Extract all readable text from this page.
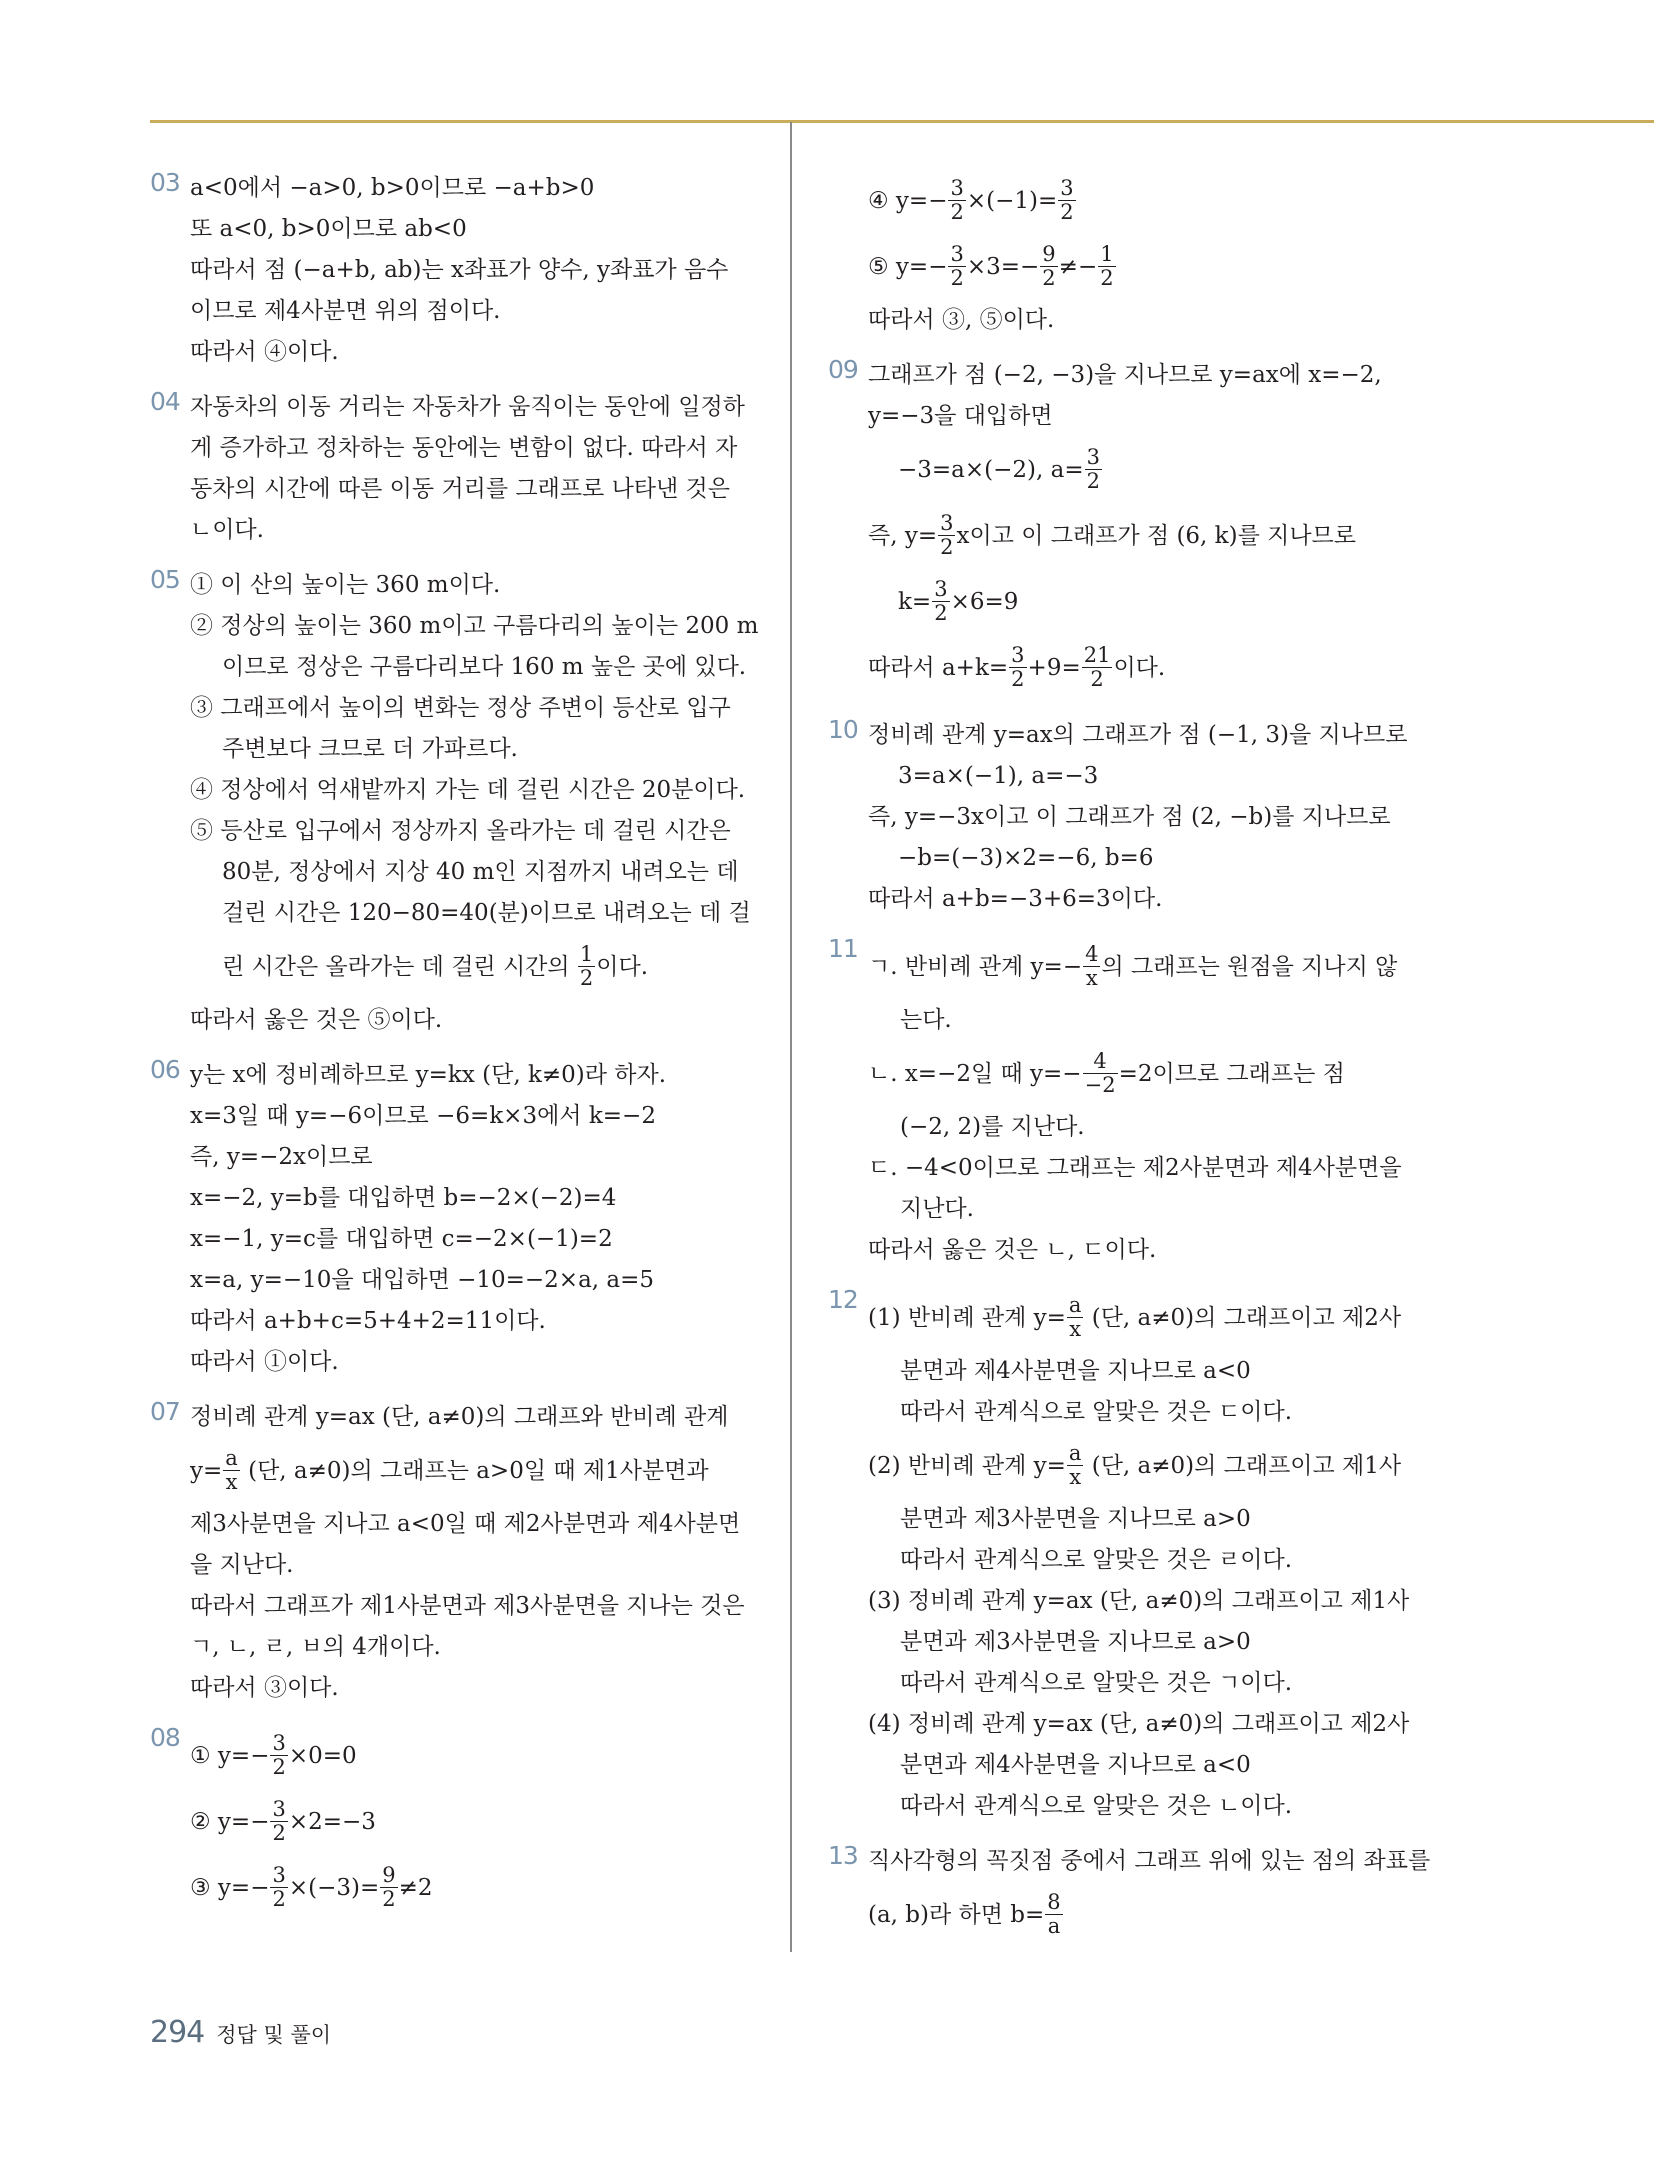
03 a<0에서 −a>0, b>0이므로 −a+b>0
또 a<0, b>0이므로 ab<0
따라서 점 (−a+b, ab)는 x좌표가 양수, y좌표가 음수
이므로 제4사분면 위의 점이다.
따라서 ④이다.
04 자동차의 이동 거리는 자동차가 움직이는 동안에 일정하
게 증가하고 정차하는 동안에는 변함이 없다. 따라서 자
동차의 시간에 따른 이동 거리를 그래프로 나타낸 것은
ㄴ이다.
05 ① 이 산의 높이는 360 m이다.
② 정상의 높이는 360 m이고 구름다리의 높이는 200 m
이므로 정상은 구름다리보다 160 m 높은 곳에 있다.
③ 그래프에서 높이의 변화는 정상 주변이 등산로 입구
주변보다 크므로 더 가파르다.
④ 정상에서 억새밭까지 가는 데 걸린 시간은 20분이다.
⑤ 등산로 입구에서 정상까지 올라가는 데 걸린 시간은
80분, 정상에서 지상 40 m인 지점까지 내려오는 데
걸린 시간은 120−80=40(분)이므로 내려오는 데 걸
린 시간은 올라가는 데 걸린 시간의 $\frac{1}{2}$ 이다.
따라서 옳은 것은 ⑤이다.
06 y는 x에 정비례하므로 y=kx (단, k≠0)라 하자.
x=3일 때 y=−6이므로 −6=k×3에서 k=−2
즉, y=−2x이므로
x=−2, y=b를 대입하면 b=−2×(−2)=4
x=−1, y=c를 대입하면 c=−2×(−1)=2
x=a, y=−10을 대입하면 −10=−2×a, a=5
따라서 a+b+c=5+4+2=11이다.
따라서 ①이다.
07 정비례 관계 y=ax (단, a≠0)의 그래프와 반비례 관계
$y= \frac{a}{x}$ (단, a≠0)의 그래프는 a>0일 때 제1사분면과
제3사분면을 지나고 a<0일 때 제2사분면과 제4사분면
을 지난다.
따라서 그래프가 제1사분면과 제3사분면을 지나는 것은
ㄱ, ㄴ, ㄹ, ㅂ의 4개이다.
따라서 ③이다.
08
① $y=- \frac{3}{2} \times 0=0$
② $y=- \frac{3}{2} \times 2=-3$
③ $y=- \frac{3}{2} \times(-3)= \frac{9}{2} \ne 2$
④ $y=- \frac{3}{2} \times(-1)= \frac{3}{2}$
⑤ $y=- \frac{3}{2} \times 3=- \frac{9}{2} \ne- \frac{1}{2}$
따라서 ③, ⑤이다.
09 그래프가 점 (−2, −3)을 지나므로 y=ax에 x=−2,
y=−3을 대입하면
−3=a×(−2), $a= \frac{3}{2}$
즉, $y= \frac{3}{2}$ x이고 이 그래프가 점 (6, k)를 지나므로
$k= \frac{3}{2} \times 6=9$
따라서 $a+k= \frac{3}{2} +9= \frac{21}{2}$ 이다.
10 정비례 관계 y=ax의 그래프가 점 (−1, 3)을 지나므로
3=a×(−1), a=−3
즉, y=−3x이고 이 그래프가 점 (2, −b)를 지나므로
−b=(−3)×2=−6, b=6
따라서 a+b=−3+6=3이다.
11
ㄱ. 반비례 관계 $y=- \frac{4}{x}$ 의 그래프는 원점을 지나지 않
는다.
ㄴ. x=−2일 때 $y=- \frac{4}{-2} =2$이므로 그래프는 점
(−2, 2)를 지난다.
ㄷ. −4<0이므로 그래프는 제2사분면과 제4사분면을
지난다.
따라서 옳은 것은 ㄴ, ㄷ이다.
12
(1) 반비례 관계 $y= \frac{a}{x}$ (단, a≠0)의 그래프이고 제2사
분면과 제4사분면을 지나므로 a<0
따라서 관계식으로 알맞은 것은 ㄷ이다.
(2) 반비례 관계 $y= \frac{a}{x}$ (단, a≠0)의 그래프이고 제1사
분면과 제3사분면을 지나므로 a>0
따라서 관계식으로 알맞은 것은 ㄹ이다.
(3) 정비례 관계 y=ax (단, a≠0)의 그래프이고 제1사
분면과 제3사분면을 지나므로 a>0
따라서 관계식으로 알맞은 것은 ㄱ이다.
(4) 정비례 관계 y=ax (단, a≠0)의 그래프이고 제2사
분면과 제4사분면을 지나므로 a<0
따라서 관계식으로 알맞은 것은 ㄴ이다.
13 직사각형의 꼭짓점 중에서 그래프 위에 있는 점의 좌표를
(a, b)라 하면 $b= \frac{8}{a}$
294 정답 및 풀이
